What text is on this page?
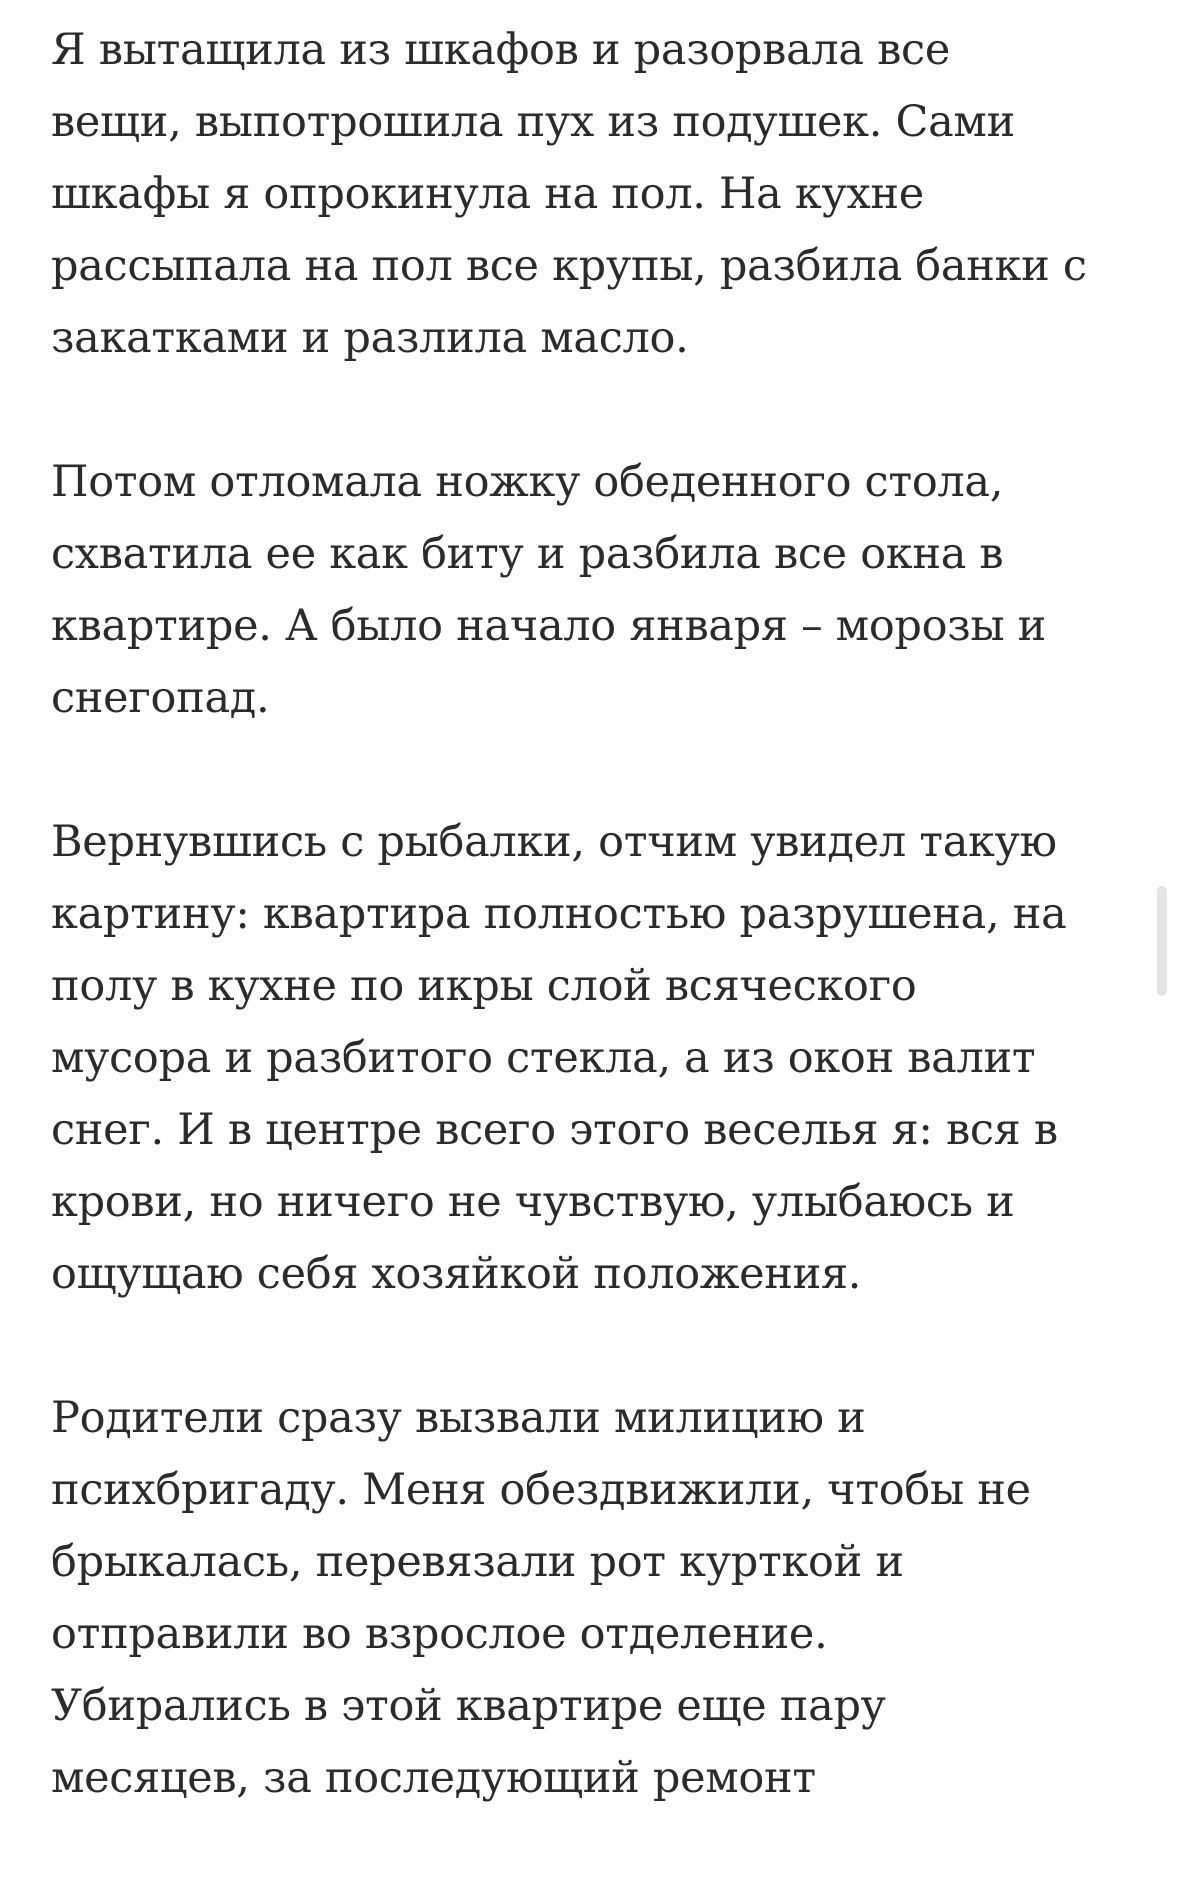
Я вытащила из шкафов и разорвала все
вещи, выпотрошила пух из подушек. Сами
шкафы я опрокинула на пол. На кухне
рассыпала на пол все крупы, разбила банки с
закатками и разлила масло.

Потом отломала ножку обеденного стола,
схватила ее как биту и разбила все окна в
квартире. А было начало января – морозы и
снегопад.

Вернувшись с рыбалки, отчим увидел такую
картину: квартира полностью разрушена, на
полу в кухне по икры слой всяческого
мусора и разбитого стекла, а из окон валит
снег. И в центре всего этого веселья я: вся в
крови, но ничего не чувствую, улыбаюсь и
ощущаю себя хозяйкой положения.

Родители сразу вызвали милицию и
психбригаду. Меня обездвижили, чтобы не
брыкалась, перевязали рот курткой и
отправили во взрослое отделение.
Убирались в этой квартире еще пару
месяцев, за последующий ремонт
